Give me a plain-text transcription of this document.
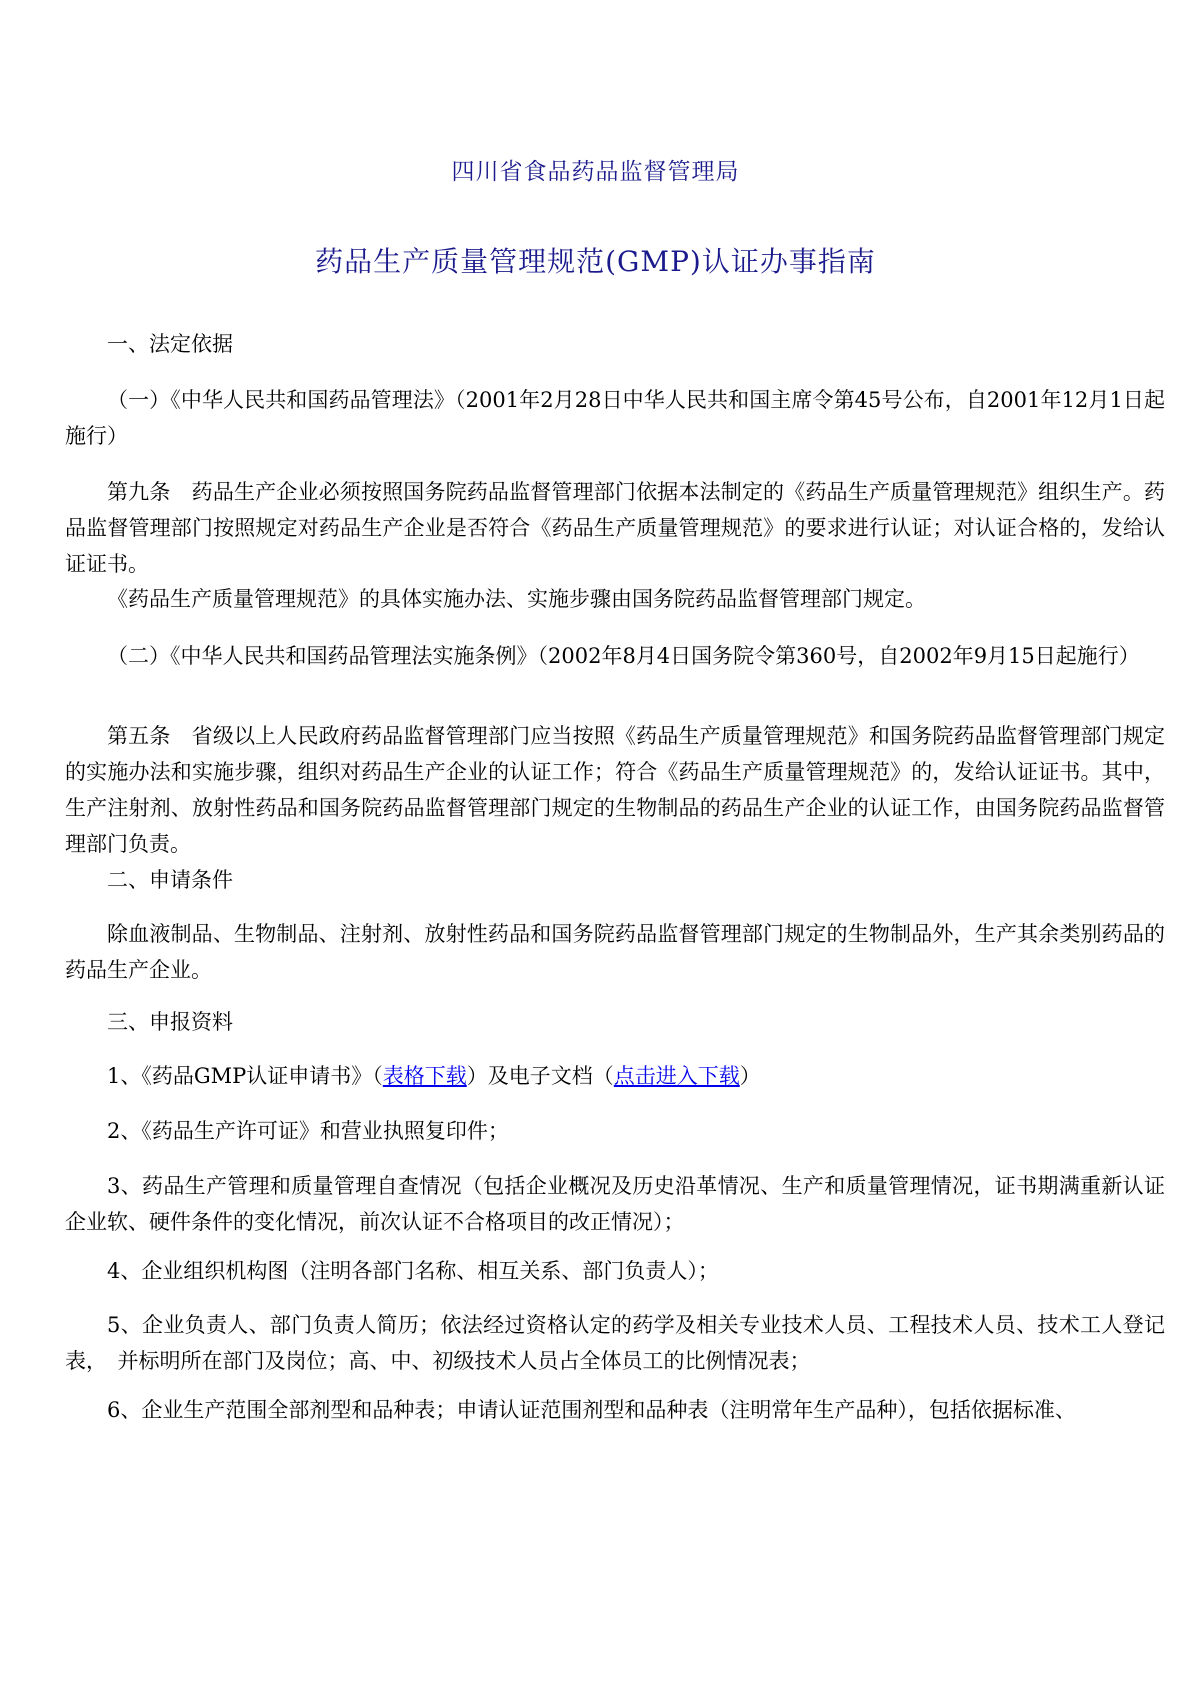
四川省食品药品监督管理局
药品生产质量管理规范(GMP)认证办事指南

一、法定依据

（一）《中华人民共和国药品管理法》（2001年2月28日中华人民共和国主席令第45号公布，自2001年12月1日起施行）

第九条　药品生产企业必须按照国务院药品监督管理部门依据本法制定的《药品生产质量管理规范》组织生产。药品监督管理部门按照规定对药品生产企业是否符合《药品生产质量管理规范》的要求进行认证；对认证合格的，发给认证证书。

《药品生产质量管理规范》的具体实施办法、实施步骤由国务院药品监督管理部门规定。

（二）《中华人民共和国药品管理法实施条例》（2002年8月4日国务院令第360号，自2002年9月15日起施行）

第五条　省级以上人民政府药品监督管理部门应当按照《药品生产质量管理规范》和国务院药品监督管理部门规定的实施办法和实施步骤，组织对药品生产企业的认证工作；符合《药品生产质量管理规范》的，发给认证证书。其中，生产注射剂、放射性药品和国务院药品监督管理部门规定的生物制品的药品生产企业的认证工作，由国务院药品监督管理部门负责。

二、申请条件

除血液制品、生物制品、注射剂、放射性药品和国务院药品监督管理部门规定的生物制品外，生产其余类别药品的药品生产企业。

三、申报资料

1、《药品GMP认证申请书》（表格下载）及电子文档（点击进入下载）

2、《药品生产许可证》和营业执照复印件；

3、药品生产管理和质量管理自查情况（包括企业概况及历史沿革情况、生产和质量管理情况，证书期满重新认证企业软、硬件条件的变化情况，前次认证不合格项目的改正情况）；

4、企业组织机构图（注明各部门名称、相互关系、部门负责人）；

5、企业负责人、部门负责人简历；依法经过资格认定的药学及相关专业技术人员、工程技术人员、技术工人登记表，　并标明所在部门及岗位；高、中、初级技术人员占全体员工的比例情况表；

6、企业生产范围全部剂型和品种表；申请认证范围剂型和品种表（注明常年生产品种），包括依据标准、
